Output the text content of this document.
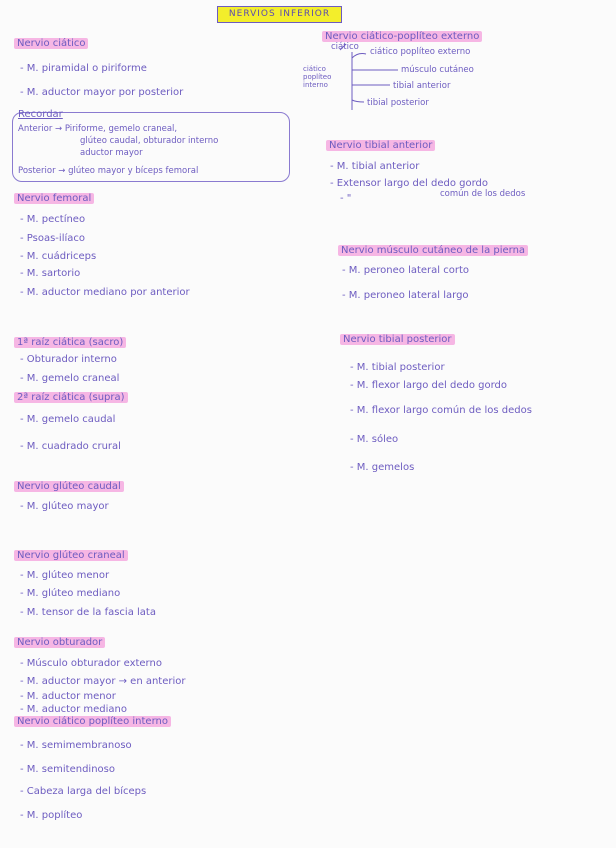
NERVIOS INFERIOR
Nervio ciático
- M. piramidal o piriforme
- M. aductor mayor por posterior
Recordar
Anterior → Piriforme, gemelo craneal,
glúteo caudal, obturador interno
aductor mayor
Posterior → glúteo mayor y bíceps femoral
Nervio femoral
- M. pectíneo
- Psoas-ilíaco
- M. cuádriceps
- M. sartorio
- M. aductor mediano por anterior
1ª raíz ciática (sacro)
- Obturador interno
- M. gemelo craneal
2ª raíz ciática (supra)
- M. gemelo caudal
- M. cuadrado crural
Nervio glúteo caudal
- M. glúteo mayor
Nervio glúteo craneal
- M. glúteo menor
- M. glúteo mediano
- M. tensor de la fascia lata
Nervio obturador
- Músculo obturador externo
- M. aductor mayor → en anterior
- M. aductor menor
- M. aductor mediano
Nervio ciático poplíteo interno
- M. semimembranoso
- M. semitendinoso
- Cabeza larga del bíceps
- M. poplíteo
Nervio ciático-poplíteo externo
ciático ciático poplíteo externo
músculo cutáneo
tibial anterior
tibial posterior
ciático poplíteo interno
Nervio tibial anterior
- M. tibial anterior
- Extensor largo del dedo gordo
común de los dedos
- "
Nervio músculo cutáneo de la pierna
- M. peroneo lateral corto
- M. peroneo lateral largo
Nervio tibial posterior
- M. tibial posterior
- M. flexor largo del dedo gordo
- M. flexor largo común de los dedos
- M. sóleo
- M. gemelos
